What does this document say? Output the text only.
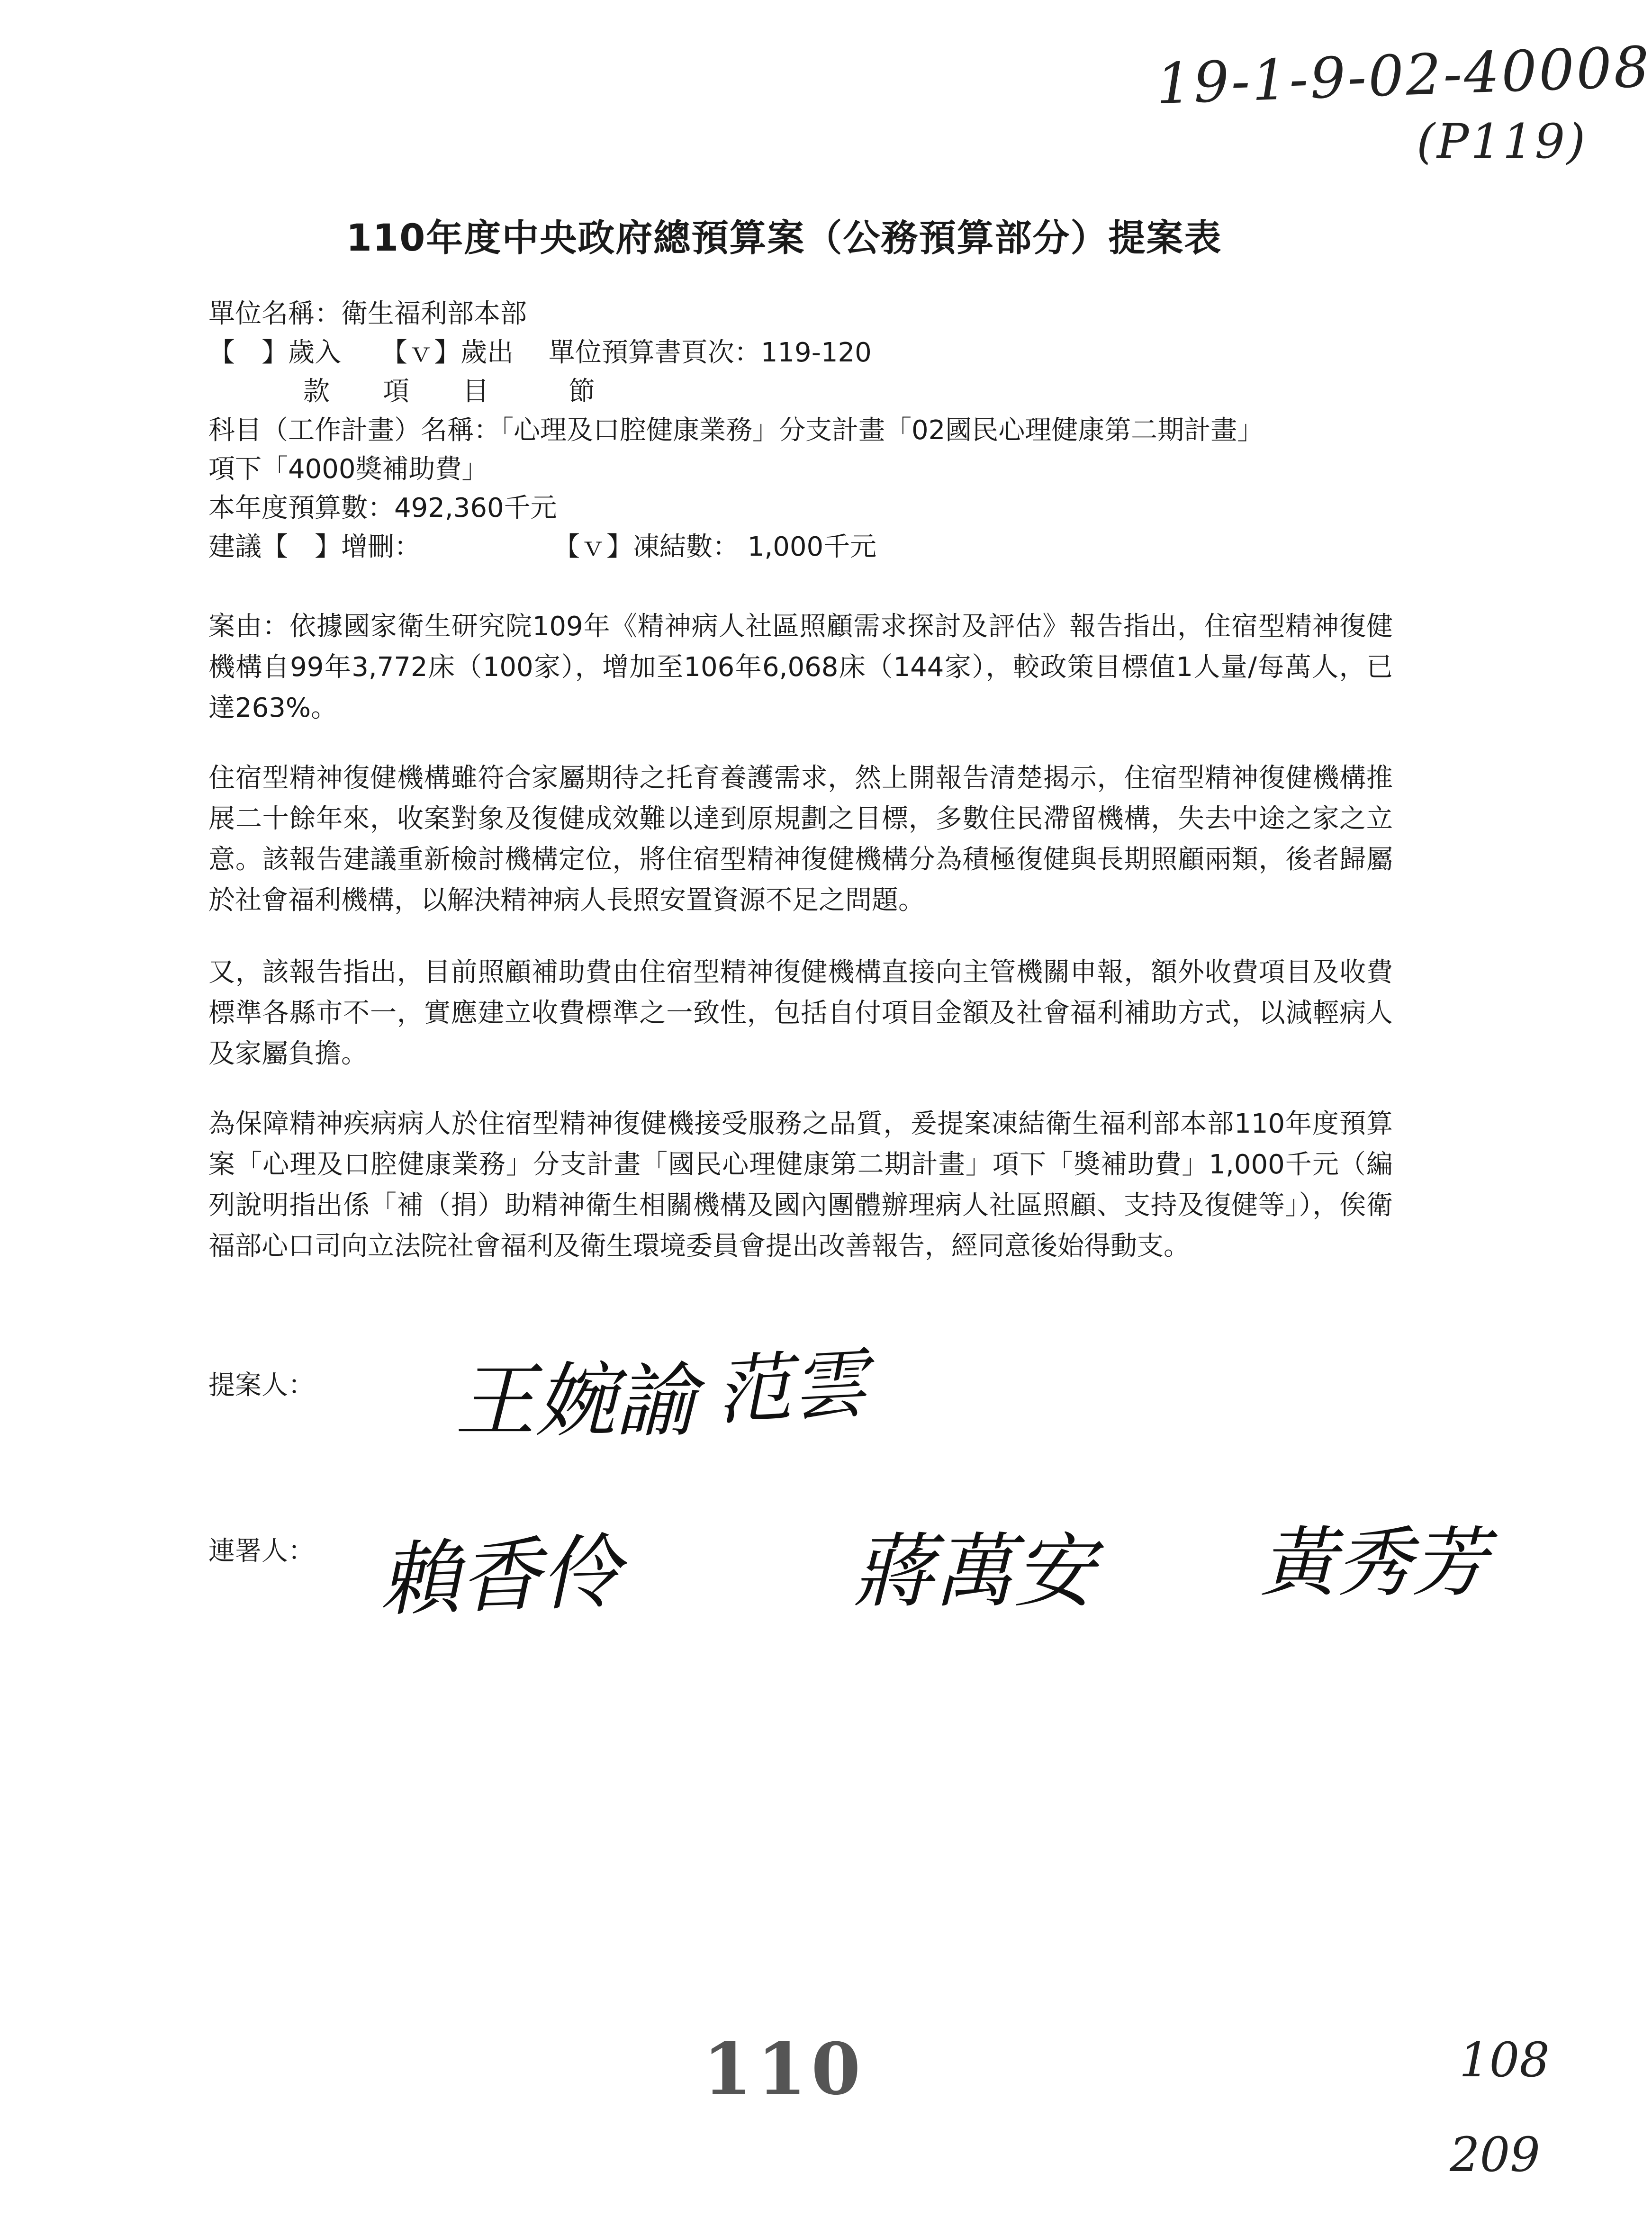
19-1-9-02-40008
(P119)
110年度中央政府總預算案（公務預算部分）提案表
單位名稱：衛生福利部本部
【　】歲入　　【ｖ】歲出　 單位預算書頁次：119-120
款　　項　　目　　　節
科目（工作計畫）名稱：「心理及口腔健康業務」分支計畫「02國民心理健康第二期計畫」
項下「4000獎補助費」
本年度預算數：492,360千元
建議【　】增刪：　　　　　　【ｖ】凍結數： 1,000千元

案由：依據國家衛生研究院109年《精神病人社區照顧需求探討及評估》報告指出，住宿型精神復健機構自99年3,772床（100家），增加至106年6,068床（144家），較政策目標值1人量/每萬人，已達263%。

住宿型精神復健機構雖符合家屬期待之托育養護需求，然上開報告清楚揭示，住宿型精神復健機構推展二十餘年來，收案對象及復健成效難以達到原規劃之目標，多數住民滯留機構，失去中途之家之立意。該報告建議重新檢討機構定位，將住宿型精神復健機構分為積極復健與長期照顧兩類，後者歸屬於社會福利機構，以解決精神病人長照安置資源不足之問題。

又，該報告指出，目前照顧補助費由住宿型精神復健機構直接向主管機關申報，額外收費項目及收費標準各縣市不一，實應建立收費標準之一致性，包括自付項目金額及社會福利補助方式，以減輕病人及家屬負擔。

為保障精神疾病病人於住宿型精神復健機接受服務之品質，爰提案凍結衛生福利部本部110年度預算案「心理及口腔健康業務」分支計畫「國民心理健康第二期計畫」項下「獎補助費」1,000千元（編列說明指出係「補（捐）助精神衛生相關機構及國內團體辦理病人社區照顧、支持及復健等」），俟衛福部心口司向立法院社會福利及衛生環境委員會提出改善報告，經同意後始得動支。

提案人： 王婉諭 范雲
連署人： 賴香伶	蔣萬安 黃秀芳
110	108
209
